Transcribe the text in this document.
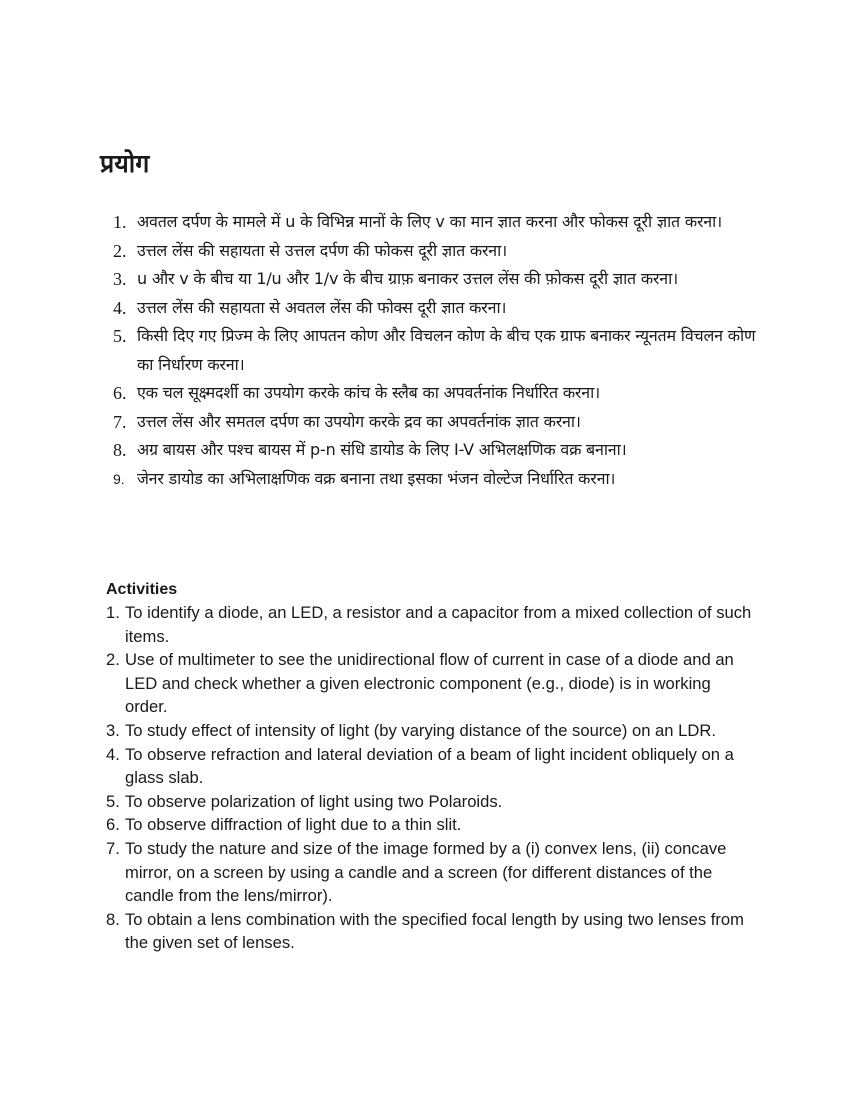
प्रयोग
1. अवतल दर्पण के मामले में u के विभिन्न मानों के लिए v का मान ज्ञात करना और फोकस दूरी ज्ञात करना।
2. उत्तल लेंस की सहायता से उत्तल दर्पण की फोकस दूरी ज्ञात करना।
3. u और v के बीच या 1/u और 1/v के बीच ग्राफ़ बनाकर उत्तल लेंस की फ़ोकस दूरी ज्ञात करना।
4. उत्तल लेंस की सहायता से अवतल लेंस की फोक्स दूरी ज्ञात करना।
5. किसी दिए गए प्रिज्म के लिए आपतन कोण और विचलन कोण के बीच एक ग्राफ बनाकर न्यूनतम विचलन कोण का निर्धारण करना।
6. एक चल सूक्ष्मदर्शी का उपयोग करके कांच के स्लैब का अपवर्तनांक निर्धारित करना।
7. उत्तल लेंस और समतल दर्पण का उपयोग करके द्रव का अपवर्तनांक ज्ञात करना।
8. अग्र बायस और पश्च बायस में p-n संधि डायोड के लिए I-V अभिलक्षणिक वक्र बनाना।
9. जेनर डायोड का अभिलाक्षणिक वक्र बनाना तथा इसका भंजन वोल्टेज निर्धारित करना।
Activities
1. To identify a diode, an LED, a resistor and a capacitor from a mixed collection of such items.
2. Use of multimeter to see the unidirectional flow of current in case of a diode and an LED and check whether a given electronic component (e.g., diode) is in working order.
3. To study effect of intensity of light (by varying distance of the source) on an LDR.
4. To observe refraction and lateral deviation of a beam of light incident obliquely on a glass slab.
5. To observe polarization of light using two Polaroids.
6. To observe diffraction of light due to a thin slit.
7. To study the nature and size of the image formed by a (i) convex lens, (ii) concave mirror, on a screen by using a candle and a screen (for different distances of the candle from the lens/mirror).
8. To obtain a lens combination with the specified focal length by using two lenses from the given set of lenses.
